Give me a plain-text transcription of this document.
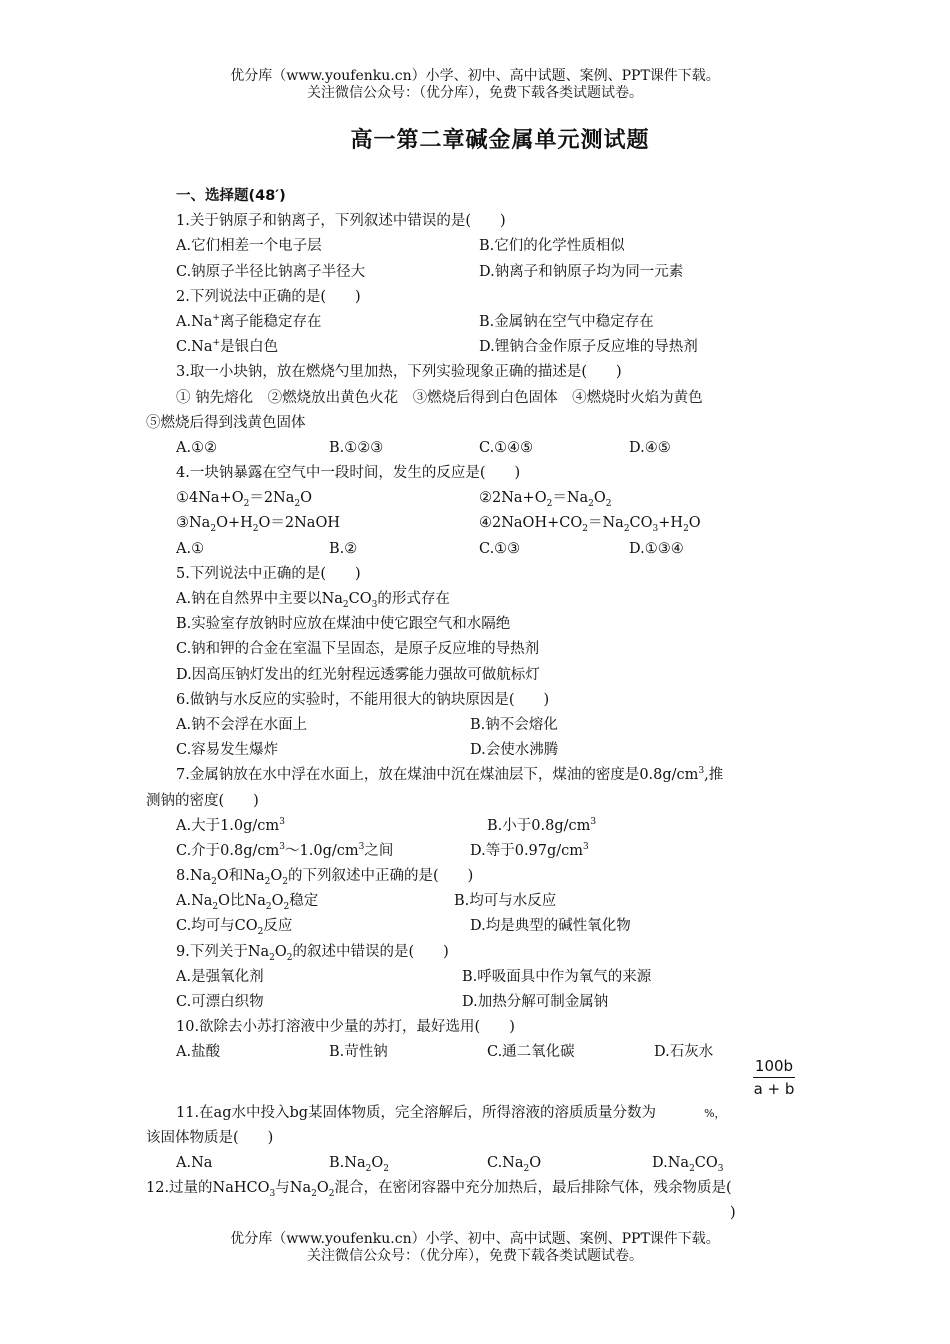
优分库（www.youfenku.cn）小学、初中、高中试题、案例、PPT课件下载。
关注微信公众号：（优分库），免费下载各类试题试卷。
高一第二章碱金属单元测试题
一、选择题(48′)
1.关于钠原子和钠离子，下列叙述中错误的是(　　)
A.它们相差一个电子层	B.它们的化学性质相似
C.钠原子半径比钠离子半径大	D.钠离子和钠原子均为同一元素
2.下列说法中正确的是(　　)
A.Na+离子能稳定存在	B.金属钠在空气中稳定存在
C.Na+是银白色	D.锂钠合金作原子反应堆的导热剂
3.取一小块钠，放在燃烧勺里加热，下列实验现象正确的描述是(　　)
① 钠先熔化　②燃烧放出黄色火花　③燃烧后得到白色固体　④燃烧时火焰为黄色
⑤燃烧后得到浅黄色固体
A.①②	B.①②③	C.①④⑤	D.④⑤
4.一块钠暴露在空气中一段时间，发生的反应是(　　)
$①4Na+O_2=2Na_2O$	$②2Na+O_2=Na_2O_2$
$③Na_2O+H_2O=2NaOH$	$④2NaOH+CO_2=Na_2CO_3+H_2O$
A.①	B.②	C.①③	D.①③④
5.下列说法中正确的是(　　)
A.钠在自然界中主要以$Na_2CO_3$的形式存在
B.实验室存放钠时应放在煤油中使它跟空气和水隔绝
C.钠和钾的合金在室温下呈固态，是原子反应堆的导热剂
D.因高压钠灯发出的红光射程远透雾能力强故可做航标灯
6.做钠与水反应的实验时，不能用很大的钠块原因是(　　)
A.钠不会浮在水面上	B.钠不会熔化
C.容易发生爆炸	D.会使水沸腾
7.金属钠放在水中浮在水面上，放在煤油中沉在煤油层下，煤油的密度是$0.8g/cm^3$,推
测钠的密度(　　)
A.大于$1.0g/cm^3$	B.小于$0.8g/cm^3$
C.介于$0.8g/cm^3\sim 1.0g/cm^3$之间	D.等于$0.97g/cm^3$
$8.Na_2O$和$Na_2O_2$的下列叙述中正确的是(　　)
$A.Na_2O$比$Na_2O_2$稳定	B.均可与水反应
C.均可与$CO_2$反应	D.均是典型的碱性氧化物
9.下列关于$Na_2O_2$的叙述中错误的是(　　)
A.是强氧化剂	B.呼吸面具中作为氧气的来源
C.可漂白织物	D.加热分解可制金属钠
10.欲除去小苏打溶液中少量的苏打，最好选用(　　)
A.盐酸	B.苛性钠	C.通二氧化碳	D.石灰水
11.在ag水中投入bg某固体物质，完全溶解后，所得溶液的溶质质量分数为	%，
$\frac{100b}{a + b}$
该固体物质是(　　)
A.Na	$B.Na_2O_2$	$C.Na_2O$	$D.Na_2CO_3$
12.过量的NaHCO$_3$与$Na_2O_2$混合，在密闭容器中充分加热后，最后排除气体，残余物质是(
)
优分库（www.youfenku.cn）小学、初中、高中试题、案例、PPT课件下载。
关注微信公众号：（优分库），免费下载各类试题试卷。
